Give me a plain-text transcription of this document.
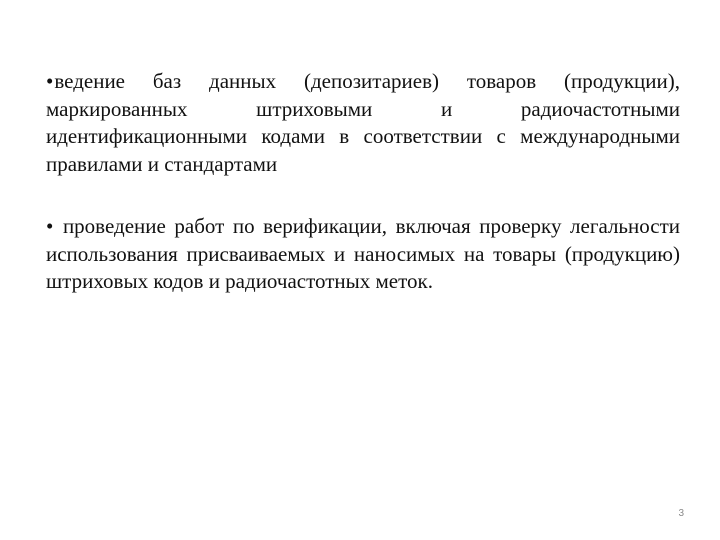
•ведение баз данных (депозитариев) товаров (продукции), маркированных штриховыми и радиочастотными идентификационными кодами в соответствии с международными правилами и стандартами

• проведение работ по верификации, включая проверку легальности использования присваиваемых и наносимых на товары (продукцию) штриховых кодов и радиочастотных меток.

3
